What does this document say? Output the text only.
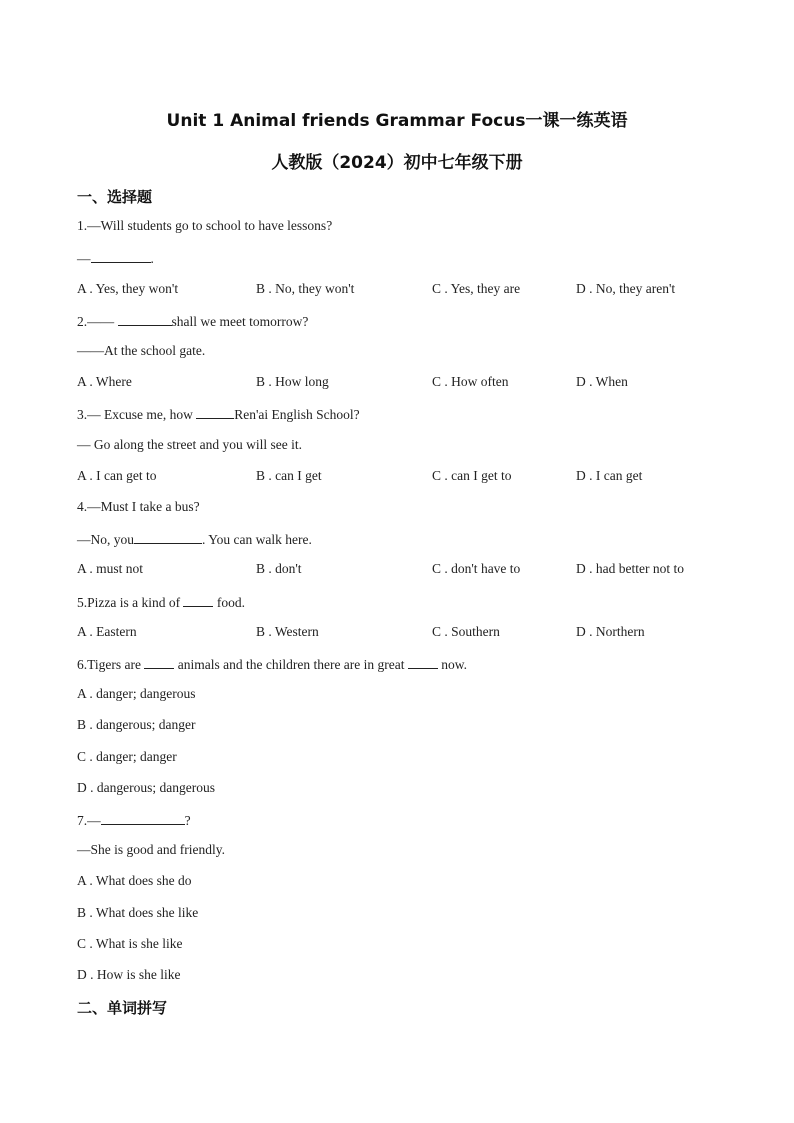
Unit 1 Animal friends Grammar Focus一课一练英语
人教版（2024）初中七年级下册
一、选择题
1.—Will students go to school to have lessons?
—	.
A . Yes, they won't	B . No, they won't	C . Yes, they are	D . No, they aren't
2.——	shall we meet tomorrow?
——At the school gate.
A . Where	B . How long	C . How often	D . When
3.— Excuse me, how	Ren'ai English School?
— Go along the street and you will see it.
A . I can get to	B . can I get	C . can I get to	D . I can get
4.—Must I take a bus?
—No, you	. You can walk here.
A . must not	B . don't	C . don't have to	D . had better not to
5.Pizza is a kind of  food.
A . Eastern	B . Western	C . Southern	D . Northern
6.Tigers are  animals and the children there are in great  now.
A . danger; dangerous
B . dangerous; danger
C . danger; danger
D . dangerous; dangerous
7.—	?
—She is good and friendly.
A . What does she do
B . What does she like
C . What is she like
D . How is she like
二、单词拼写
